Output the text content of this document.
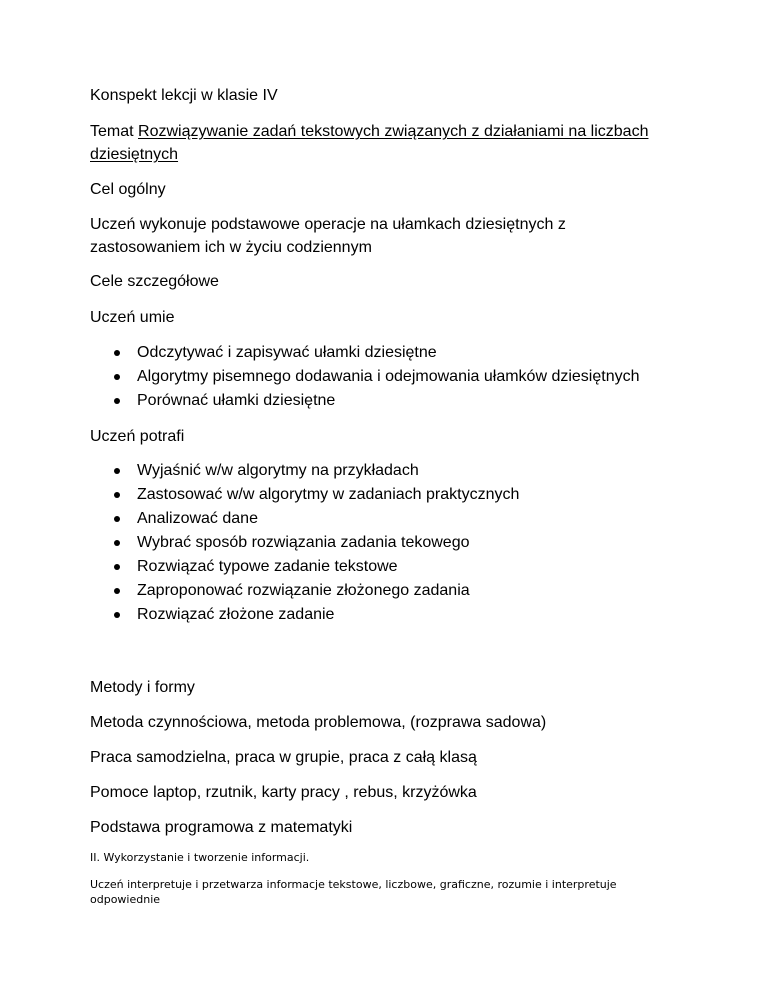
Konspekt lekcji w klasie IV

Temat Rozwiązywanie zadań tekstowych związanych z działaniami na liczbach dziesiętnych

Cel ogólny

Uczeń wykonuje podstawowe operacje na ułamkach dziesiętnych z zastosowaniem ich w życiu codziennym

Cele szczegółowe

Uczeń umie

Odczytywać i zapisywać ułamki dziesiętne
Algorytmy pisemnego dodawania i odejmowania ułamków dziesiętnych
Porównać ułamki dziesiętne

Uczeń potrafi

Wyjaśnić w/w algorytmy na przykładach
Zastosować w/w algorytmy w zadaniach praktycznych
Analizować dane
Wybrać sposób rozwiązania zadania tekowego
Rozwiązać typowe zadanie tekstowe
Zaproponować rozwiązanie złożonego zadania
Rozwiązać złożone zadanie

Metody i formy

Metoda czynnościowa, metoda problemowa, (rozprawa sadowa)

Praca samodzielna, praca w grupie, praca z całą klasą

Pomoce laptop, rzutnik, karty pracy , rebus, krzyżówka

Podstawa programowa z matematyki

II. Wykorzystanie i tworzenie informacji.

Uczeń interpretuje i przetwarza informacje tekstowe, liczbowe, graficzne, rozumie i interpretuje odpowiednie
